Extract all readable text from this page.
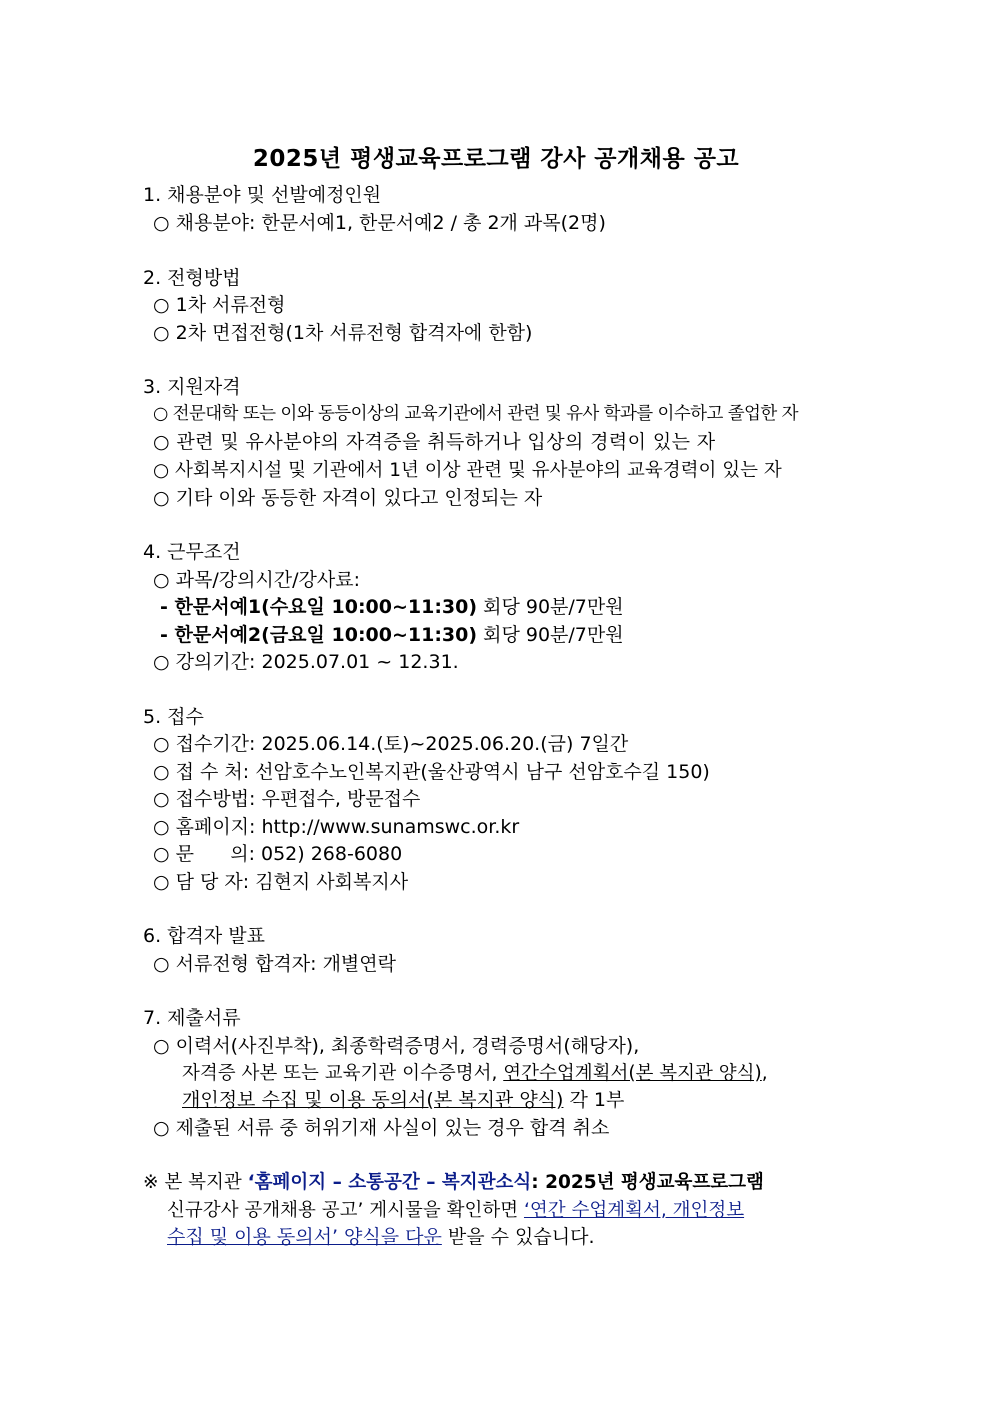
2025년 평생교육프로그램 강사 공개채용 공고
1. 채용분야 및 선발예정인원
○ 채용분야: 한문서예1, 한문서예2 / 총 2개 과목(2명)
2. 전형방법
○ 1차 서류전형
○ 2차 면접전형(1차 서류전형 합격자에 한함)
3. 지원자격
○ 전문대학 또는 이와 동등이상의 교육기관에서 관련 및 유사 학과를 이수하고 졸업한 자
○ 관련 및 유사분야의 자격증을 취득하거나 입상의 경력이 있는 자
○ 사회복지시설 및 기관에서 1년 이상 관련 및 유사분야의 교육경력이 있는 자
○ 기타 이와 동등한 자격이 있다고 인정되는 자
4. 근무조건
○ 과목/강의시간/강사료:
- 한문서예1(수요일 10:00~11:30) 회당 90분/7만원
- 한문서예2(금요일 10:00~11:30) 회당 90분/7만원
○ 강의기간: 2025.07.01 ~ 12.31.
5. 접수
○ 접수기간: 2025.06.14.(토)~2025.06.20.(금) 7일간
○ 접 수 처: 선암호수노인복지관(울산광역시 남구 선암호수길 150)
○ 접수방법: 우편접수, 방문접수
○ 홈페이지: http://www.sunamswc.or.kr
○ 문      의: 052) 268-6080
○ 담 당 자: 김현지 사회복지사
6. 합격자 발표
○ 서류전형 합격자: 개별연락
7. 제출서류
○ 이력서(사진부착), 최종학력증명서, 경력증명서(해당자),
자격증 사본 또는 교육기관 이수증명서, 연간수업계획서(본 복지관 양식),
개인정보 수집 및 이용 동의서(본 복지관 양식) 각 1부
○ 제출된 서류 중 허위기재 사실이 있는 경우 합격 취소
※ 본 복지관 ‘홈페이지 – 소통공간 – 복지관소식: 2025년 평생교육프로그램
신규강사 공개채용 공고’ 게시물을 확인하면 ‘연간 수업계획서, 개인정보
수집 및 이용 동의서’ 양식을 다운 받을 수 있습니다.
